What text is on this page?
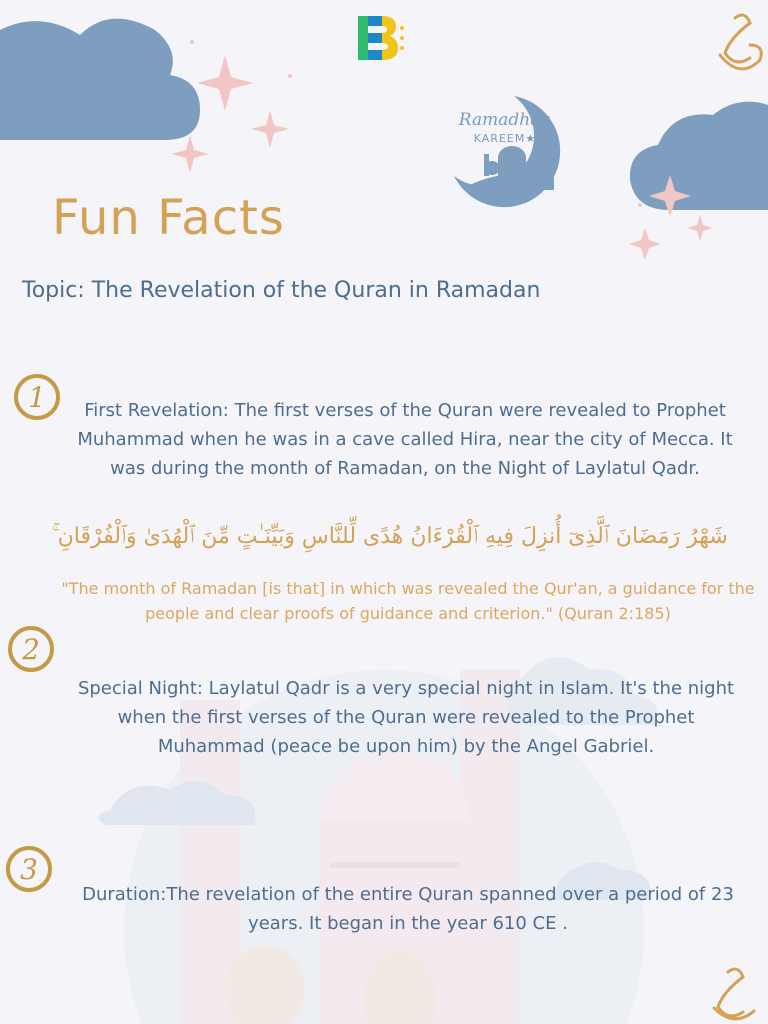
Ramadhan
KAREEM★
Fun Facts
Topic: The Revelation of the Quran in Ramadan
1	First Revelation: The first verses of the Quran were revealed to Prophet Muhammad when he was in a cave called Hira, near the city of Mecca. It was during the month of Ramadan, on the Night of Laylatul Qadr.
شَهْرُ رَمَضَانَ ٱلَّذِىٓ أُنزِلَ فِيهِ ٱلْقُرْءَانُ هُدًى لِّلنَّاسِ وَبَيِّنَـٰتٍ مِّنَ ٱلْهُدَىٰ وَٱلْفُرْقَانِ ۚ
"The month of Ramadan [is that] in which was revealed the Qur'an, a guidance for the people and clear proofs of guidance and criterion." (Quran 2:185)
2
Special Night: Laylatul Qadr is a very special night in Islam. It's the night when the first verses of the Quran were revealed to the Prophet Muhammad (peace be upon him) by the Angel Gabriel.
3
Duration:The revelation of the entire Quran spanned over a period of 23 years. It began in the year 610 CE .
